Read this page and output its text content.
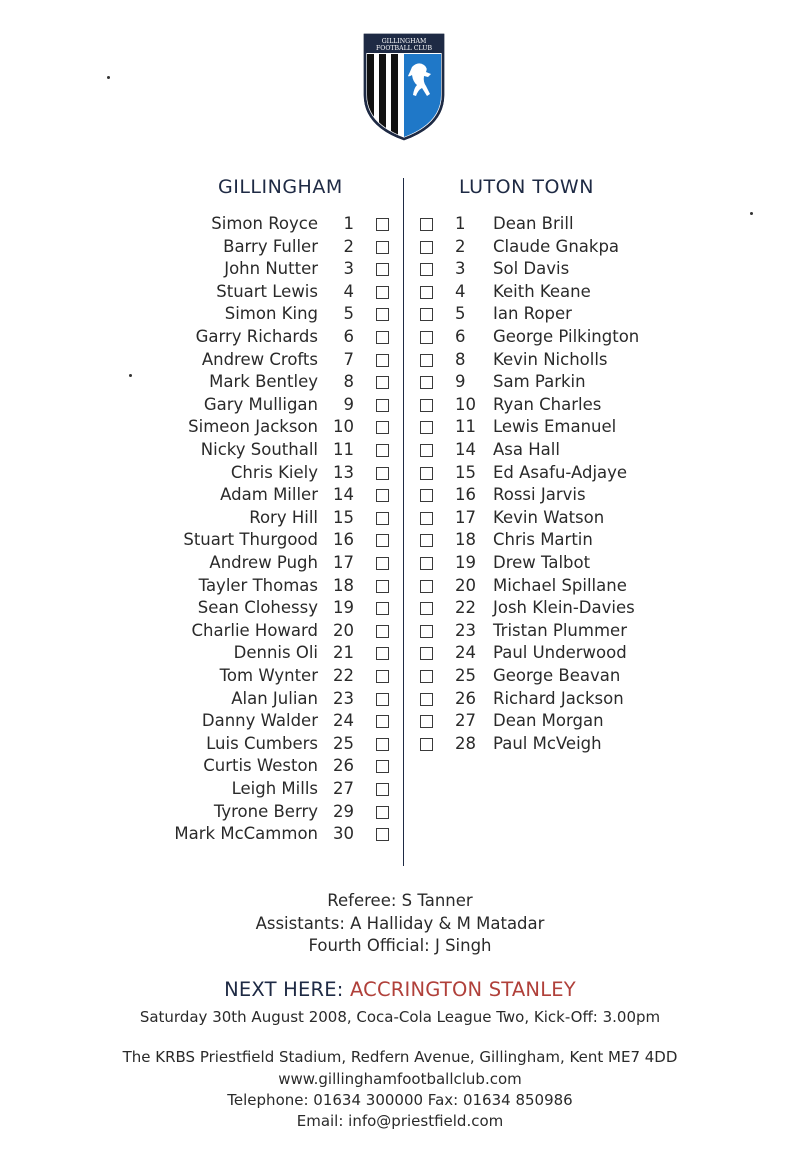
GILLINGHAM
FOOTBALL CLUB
GILLINGHAM	LUTON TOWN
Simon Royce	1
Barry Fuller	2
John Nutter	3
Stuart Lewis	4
Simon King	5
Garry Richards	6
Andrew Crofts	7
Mark Bentley	8
Gary Mulligan	9
Simeon Jackson 10
Nicky Southall 11
Chris Kiely 13
Adam Miller 14
Rory Hill 15
Stuart Thurgood 16
Andrew Pugh 17
Tayler Thomas 18
Sean Clohessy 19
Charlie Howard 20
Dennis Oli 21
Tom Wynter 22
Alan Julian 23
Danny Walder 24
Luis Cumbers 25
Curtis Weston 26
Leigh Mills 27
Tyrone Berry 29
Mark McCammon 30
1	Dean Brill
2	Claude Gnakpa
3	Sol Davis
4	Keith Keane
5	Ian Roper
6	George Pilkington
8	Kevin Nicholls
9	Sam Parkin
10	Ryan Charles
11	Lewis Emanuel
14	Asa Hall
15	Ed Asafu-Adjaye
16	Rossi Jarvis
17	Kevin Watson
18	Chris Martin
19	Drew Talbot
20	Michael Spillane
22	Josh Klein-Davies
23	Tristan Plummer
24	Paul Underwood
25	George Beavan
26	Richard Jackson
27	Dean Morgan
28	Paul McVeigh
Referee: S Tanner
Assistants: A Halliday & M Matadar
Fourth Official: J Singh
NEXT HERE: ACCRINGTON STANLEY
Saturday 30th August 2008, Coca-Cola League Two, Kick-Off: 3.00pm
The KRBS Priestfield Stadium, Redfern Avenue, Gillingham, Kent ME7 4DD
www.gillinghamfootballclub.com
Telephone: 01634 300000 Fax: 01634 850986
Email: info@priestfield.com
